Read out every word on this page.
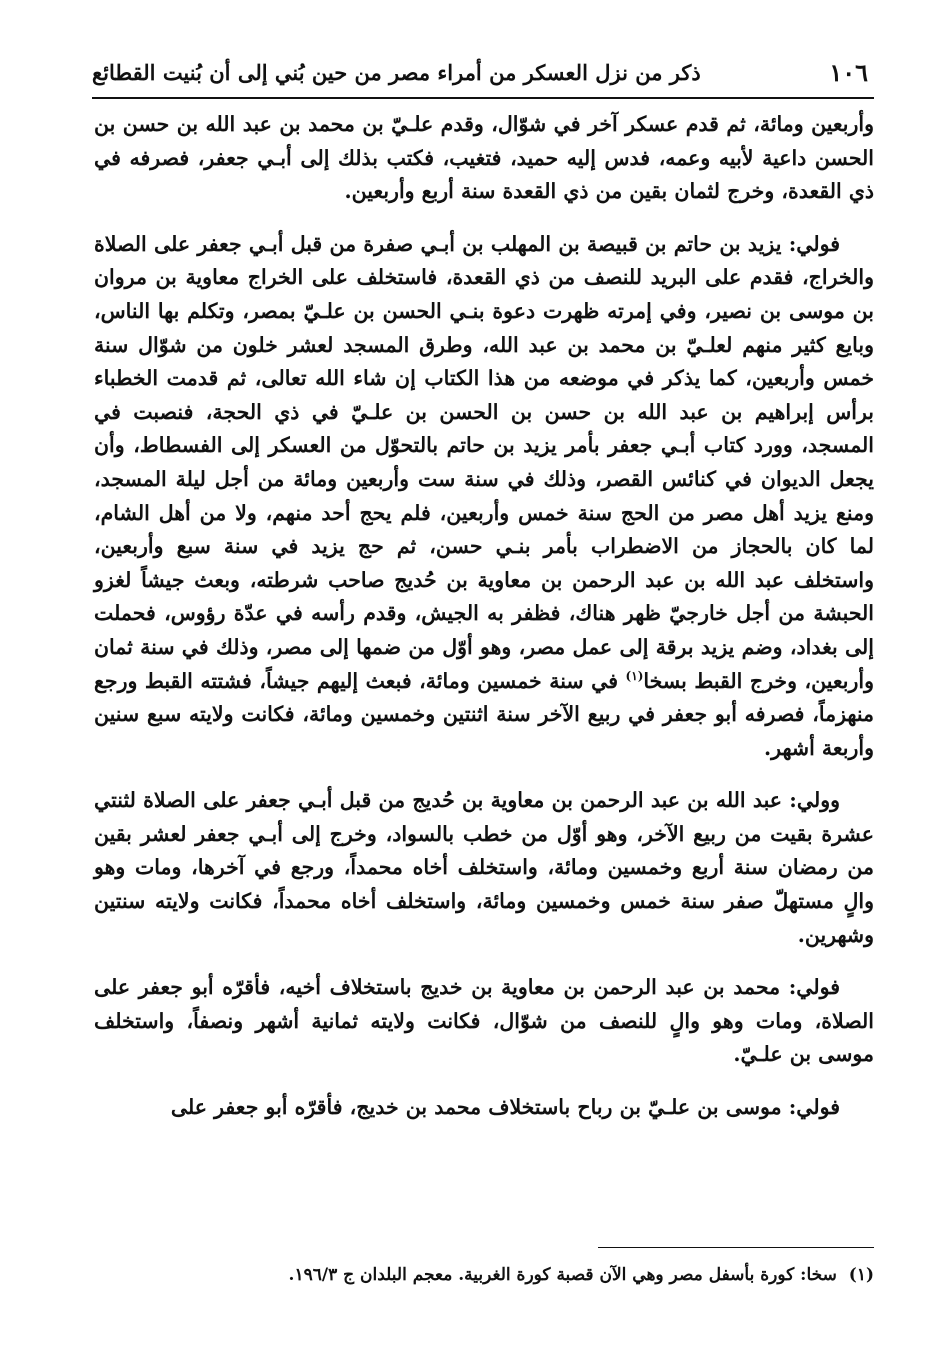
١٠٦
ذكر من نزل العسكر من أمراء مصر من حين بُني إلى أن بُنيت القطائع

وأربعين ومائة، ثم قدم عسكر آخر في شوّال، وقدم علـيّ بن محمد بن عبد الله بن حسن بن الحسن داعية لأبيه وعمه، فدس إليه حميد، فتغيب، فكتب بذلك إلى أبـي جعفر، فصرفه في ذي القعدة، وخرج لثمان بقين من ذي القعدة سنة أربع وأربعين.

فولي: يزيد بن حاتم بن قبيصة بن المهلب بن أبـي صفرة من قبل أبـي جعفر على الصلاة والخراج، فقدم على البريد للنصف من ذي القعدة، فاستخلف على الخراج معاوية بن مروان بن موسى بن نصير، وفي إمرته ظهرت دعوة بنـي الحسن بن علـيّ بمصر، وتكلم بها الناس، وبايع كثير منهم لعلـيّ بن محمد بن عبد الله، وطرق المسجد لعشر خلون من شوّال سنة خمس وأربعين، كما يذكر في موضعه من هذا الكتاب إن شاء الله تعالى، ثم قدمت الخطباء برأس إبراهيم بن عبد الله بن حسن بن الحسن بن علـيّ في ذي الحجة، فنصبت في المسجد، وورد كتاب أبـي جعفر بأمر يزيد بن حاتم بالتحوّل من العسكر إلى الفسطاط، وأن يجعل الديوان في كنائس القصر، وذلك في سنة ست وأربعين ومائة من أجل ليلة المسجد، ومنع يزيد أهل مصر من الحج سنة خمس وأربعين، فلم يحج أحد منهم، ولا من أهل الشام، لما كان بالحجاز من الاضطراب بأمر بنـي حسن، ثم حج يزيد في سنة سبع وأربعين، واستخلف عبد الله بن عبد الرحمن بن معاوية بن حُديج صاحب شرطته، وبعث جيشاً لغزو الحبشة من أجل خارجيّ ظهر هناك، فظفر به الجيش، وقدم رأسه في عدّة رؤوس، فحملت إلى بغداد، وضم يزيد برقة إلى عمل مصر، وهو أوّل من ضمها إلى مصر، وذلك في سنة ثمان وأربعين، وخرج القبط بسخا$^{(١)}$ في سنة خمسين ومائة، فبعث إليهم جيشاً، فشتته القبط ورجع منهزماً، فصرفه أبو جعفر في ربيع الآخر سنة اثنتين وخمسين ومائة، فكانت ولايته سبع سنين وأربعة أشهر.

وولي: عبد الله بن عبد الرحمن بن معاوية بن حُديج من قبل أبـي جعفر على الصلاة لثنتي عشرة بقيت من ربيع الآخر، وهو أوّل من خطب بالسواد، وخرج إلى أبـي جعفر لعشر بقين من رمضان سنة أربع وخمسين ومائة، واستخلف أخاه محمداً، ورجع في آخرها، ومات وهو والٍ مستهلّ صفر سنة خمس وخمسين ومائة، واستخلف أخاه محمداً، فكانت ولايته سنتين وشهرين.

فولي: محمد بن عبد الرحمن بن معاوية بن خديج باستخلاف أخيه، فأقرّه أبو جعفر على الصلاة، ومات وهو والٍ للنصف من شوّال، فكانت ولايته ثمانية أشهر ونصفاً، واستخلف موسى بن علـيّ.

فولي: موسى بن علـيّ بن رباح باستخلاف محمد بن خديج، فأقرّه أبو جعفر على

(١) سخا: كورة بأسفل مصر وهي الآن قصبة كورة الغربية. معجم البلدان ج ١٩٦/٣.
